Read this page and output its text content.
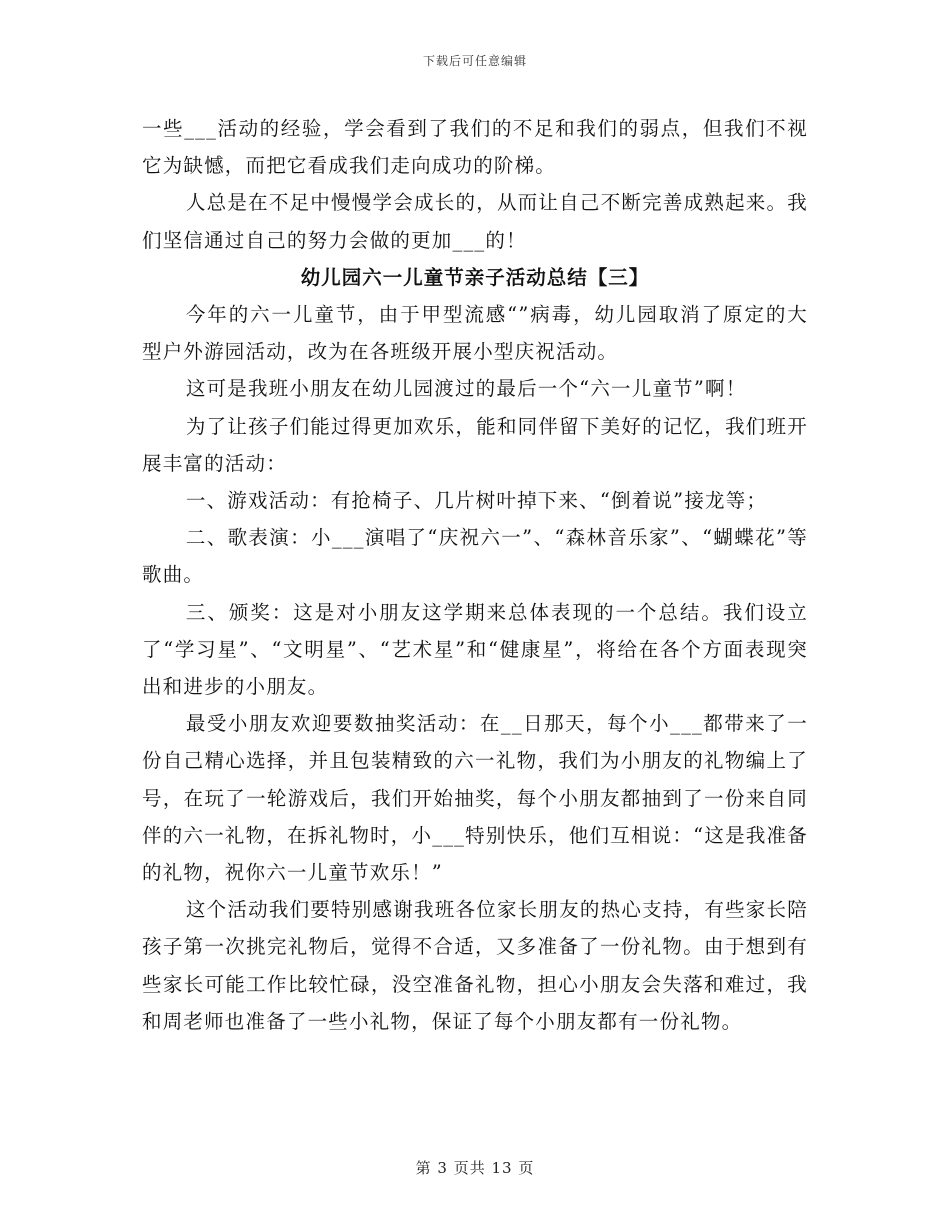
下载后可任意编辑

一些___活动的经验，学会看到了我们的不足和我们的弱点，但我们不视它为缺憾，而把它看成我们走向成功的阶梯。

人总是在不足中慢慢学会成长的，从而让自己不断完善成熟起来。我们坚信通过自己的努力会做的更加___的！

幼儿园六一儿童节亲子活动总结【三】

今年的六一儿童节，由于甲型流感“”病毒，幼儿园取消了原定的大型户外游园活动，改为在各班级开展小型庆祝活动。

这可是我班小朋友在幼儿园渡过的最后一个“六一儿童节”啊！

为了让孩子们能过得更加欢乐，能和同伴留下美好的记忆，我们班开展丰富的活动：

一、游戏活动：有抢椅子、几片树叶掉下来、“倒着说”接龙等；

二、歌表演：小___演唱了“庆祝六一”、“森林音乐家”、“蝴蝶花”等歌曲。

三、颁奖：这是对小朋友这学期来总体表现的一个总结。我们设立了“学习星”、“文明星”、“艺术星”和“健康星”，将给在各个方面表现突出和进步的小朋友。

最受小朋友欢迎要数抽奖活动：在__日那天，每个小___都带来了一份自己精心选择，并且包装精致的六一礼物，我们为小朋友的礼物编上了号，在玩了一轮游戏后，我们开始抽奖，每个小朋友都抽到了一份来自同伴的六一礼物，在拆礼物时，小___特别快乐，他们互相说：“这是我准备的礼物，祝你六一儿童节欢乐！”

这个活动我们要特别感谢我班各位家长朋友的热心支持，有些家长陪孩子第一次挑完礼物后，觉得不合适，又多准备了一份礼物。由于想到有些家长可能工作比较忙碌，没空准备礼物，担心小朋友会失落和难过，我和周老师也准备了一些小礼物，保证了每个小朋友都有一份礼物。

第 3 页共 13 页
